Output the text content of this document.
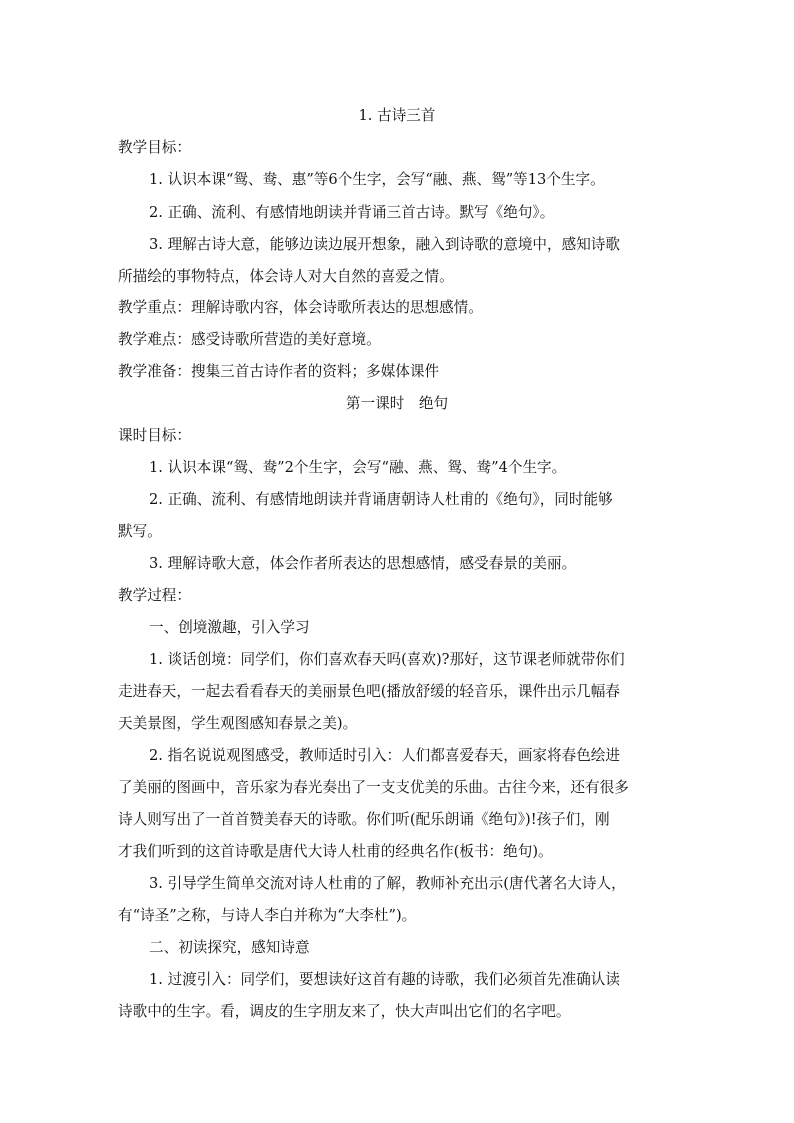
1. 古诗三首
教学目标：
1. 认识本课“鸳、鸯、惠”等6个生字，会写“融、燕、鸳”等13个生字。
2. 正确、流利、有感情地朗读并背诵三首古诗。默写《绝句》。
3. 理解古诗大意，能够边读边展开想象，融入到诗歌的意境中，感知诗歌
所描绘的事物特点，体会诗人对大自然的喜爱之情。
教学重点：理解诗歌内容，体会诗歌所表达的思想感情。
教学难点：感受诗歌所营造的美好意境。
教学准备：搜集三首古诗作者的资料；多媒体课件
第一课时　绝句
课时目标：
1. 认识本课“鸳、鸯”2个生字，会写“融、燕、鸳、鸯”4个生字。
2. 正确、流利、有感情地朗读并背诵唐朝诗人杜甫的《绝句》，同时能够
默写。
3. 理解诗歌大意，体会作者所表达的思想感情，感受春景的美丽。
教学过程：
一、创境激趣，引入学习
1. 谈话创境：同学们，你们喜欢春天吗(喜欢)?那好，这节课老师就带你们
走进春天，一起去看看春天的美丽景色吧(播放舒缓的轻音乐，课件出示几幅春
天美景图，学生观图感知春景之美)。
2. 指名说说观图感受，教师适时引入：人们都喜爱春天，画家将春色绘进
了美丽的图画中，音乐家为春光奏出了一支支优美的乐曲。古往今来，还有很多
诗人则写出了一首首赞美春天的诗歌。你们听(配乐朗诵《绝句》)!孩子们，刚
才我们听到的这首诗歌是唐代大诗人杜甫的经典名作(板书：绝句)。
3. 引导学生简单交流对诗人杜甫的了解，教师补充出示(唐代著名大诗人，
有“诗圣”之称，与诗人李白并称为“大李杜”)。
二、初读探究，感知诗意
1. 过渡引入：同学们，要想读好这首有趣的诗歌，我们必须首先准确认读
诗歌中的生字。看，调皮的生字朋友来了，快大声叫出它们的名字吧。
